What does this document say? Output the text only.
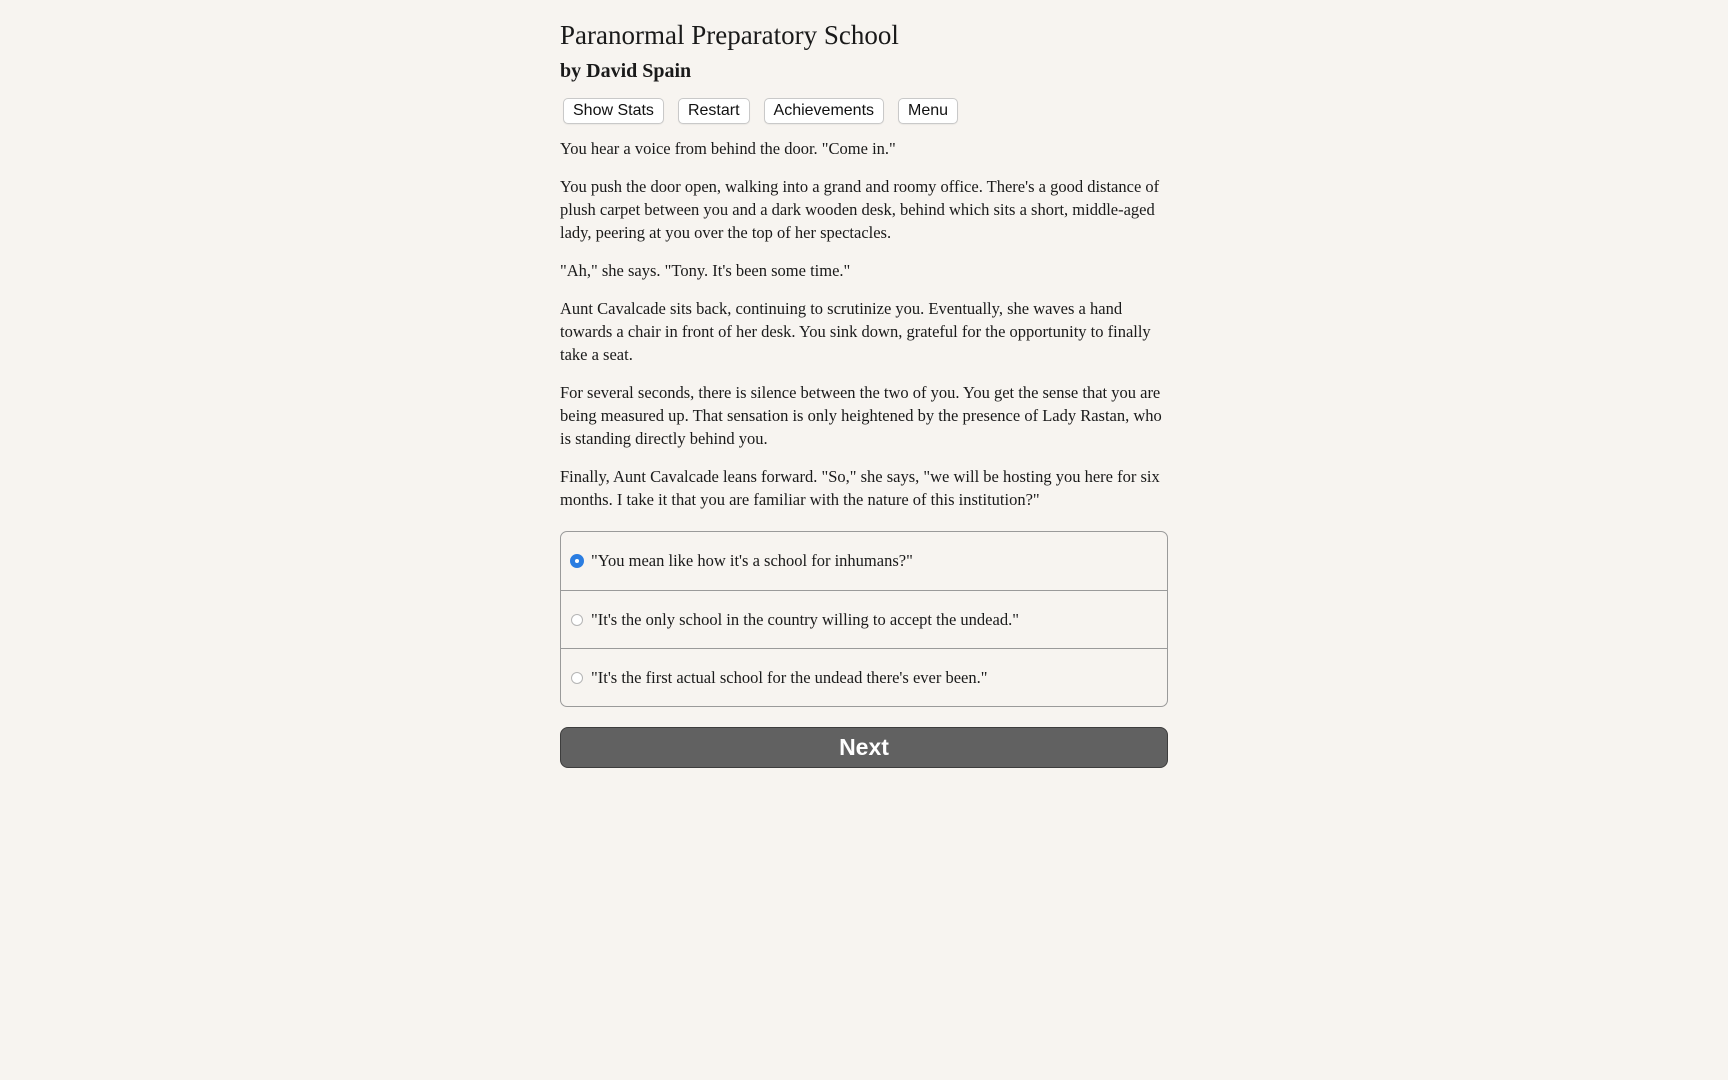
Paranormal Preparatory School
by David Spain
Show Stats	Restart	Achievements	Menu

You hear a voice from behind the door. "Come in."

You push the door open, walking into a grand and roomy office. There's a good distance of plush carpet between you and a dark wooden desk, behind which sits a short, middle-aged lady, peering at you over the top of her spectacles.

"Ah," she says. "Tony. It's been some time."

Aunt Cavalcade sits back, continuing to scrutinize you. Eventually, she waves a hand towards a chair in front of her desk. You sink down, grateful for the opportunity to finally take a seat.

For several seconds, there is silence between the two of you. You get the sense that you are being measured up. That sensation is only heightened by the presence of Lady Rastan, who is standing directly behind you.

Finally, Aunt Cavalcade leans forward. "So," she says, "we will be hosting you here for six months. I take it that you are familiar with the nature of this institution?"

"You mean like how it's a school for inhumans?"
"It's the only school in the country willing to accept the undead."
"It's the first actual school for the undead there's ever been."
Next
